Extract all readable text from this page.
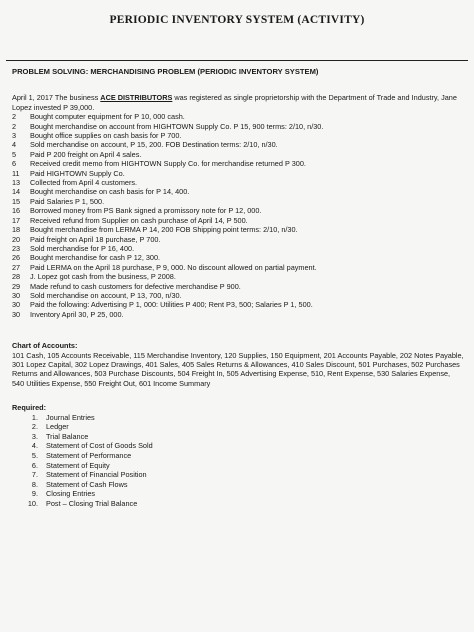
PERIODIC INVENTORY SYSTEM (ACTIVITY)
PROBLEM SOLVING: MERCHANDISING PROBLEM (PERIODIC INVENTORY SYSTEM)

April 1, 2017 The business ACE DISTRIBUTORS was registered as single proprietorship with the Department of Trade and Industry, Jane Lopez invested P 39,000.

2	Bought computer equipment for P 10, 000 cash.
2	Bought merchandise on account from HIGHTOWN Supply Co. P 15, 900 terms: 2/10, n/30.
3	Bought office supplies on cash basis for P 700.
4	Sold merchandise on account, P 15, 200. FOB Destination terms: 2/10, n/30.
5	Paid P 200 freight on April 4 sales.
6	Received credit memo from HIGHTOWN Supply Co. for merchandise returned P 300.
11	Paid HIGHTOWN Supply Co.
13	Collected from April 4 customers.
14	Bought merchandise on cash basis for P 14, 400.
15	Paid Salaries P 1, 500.
16	Borrowed money from PS Bank signed a promissory note for P 12, 000.
17	Received refund from Supplier on cash purchase of April 14, P 500.
18	Bought merchandise from LERMA P 14, 200 FOB Shipping point terms: 2/10, n/30.
20	Paid freight on April 18 purchase, P 700.
23	Sold merchandise for P 16, 400.
26	Bought merchandise for cash P 12, 300.
27	Paid LERMA on the April 18 purchase, P 9, 000. No discount allowed on partial payment.
28	J. Lopez got cash from the business, P 2008.
29	Made refund to cash customers for defective merchandise P 900.
30	Sold merchandise on account, P 13, 700, n/30.
30	Paid the following: Advertising P 1, 000: Utilities P 400; Rent P3, 500; Salaries P 1, 500.
30	Inventory April 30, P 25, 000.
Chart of Accounts:

101 Cash, 105 Accounts Receivable, 115 Merchandise Inventory, 120 Supplies, 150 Equipment, 201 Accounts Payable, 202 Notes Payable, 301 Lopez Capital, 302 Lopez Drawings, 401 Sales, 405 Sales Returns & Allowances, 410 Sales Discount, 501 Purchases, 502 Purchases Returns and Allowances, 503 Purchase Discounts, 504 Freight In, 505 Advertising Expense, 510, Rent Expense, 530 Salaries Expense, 540 Utilities Expense, 550 Freight Out, 601 Income Summary

Required:
1.	Journal Entries
2.	Ledger
3.	Trial Balance
4.	Statement of Cost of Goods Sold
5.	Statement of Performance
6.	Statement of Equity
7.	Statement of Financial Position
8.	Statement of Cash Flows
9.	Closing Entries
10.	Post – Closing Trial Balance
